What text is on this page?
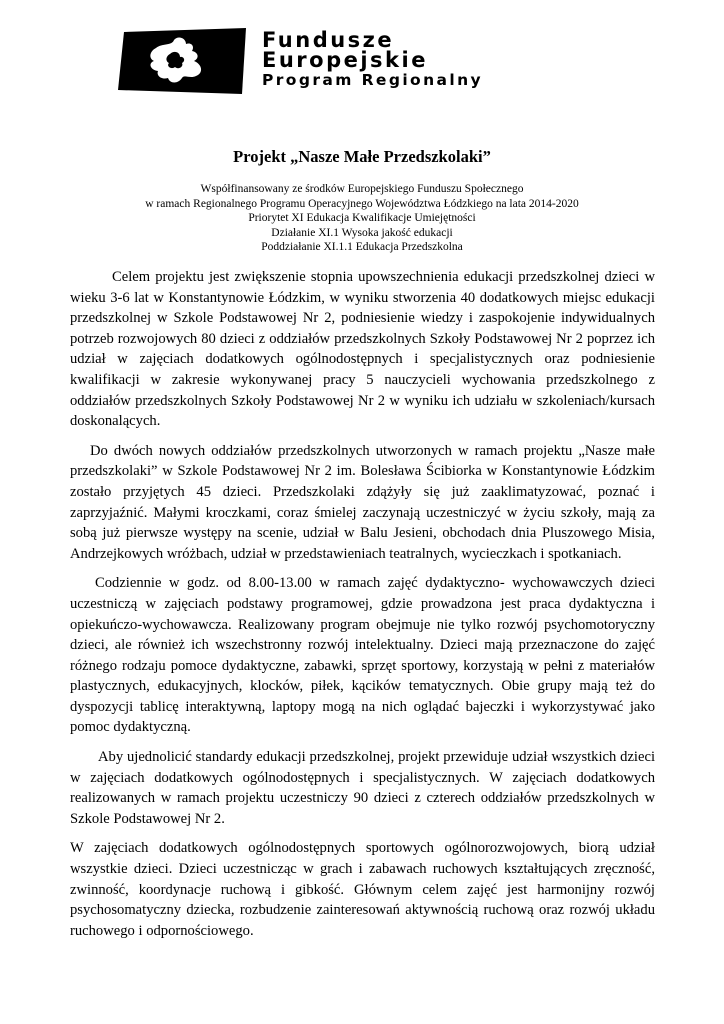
Fundusze
Europejskie
Program Regionalny
Projekt „Nasze Małe Przedszkolaki”
Współfinansowany ze środków Europejskiego Funduszu Społecznego
w ramach Regionalnego Programu Operacyjnego Województwa Łódzkiego na lata 2014-2020
Priorytet XI Edukacja Kwalifikacje Umiejętności
Działanie XI.1 Wysoka jakość edukacji
Poddziałanie XI.1.1 Edukacja Przedszkolna

Celem projektu jest zwiększenie stopnia upowszechnienia edukacji przedszkolnej dzieci w wieku 3-6 lat w Konstantynowie Łódzkim, w wyniku stworzenia 40 dodatkowych miejsc edukacji przedszkolnej w Szkole Podstawowej Nr 2, podniesienie wiedzy i zaspokojenie indywidualnych potrzeb rozwojowych 80 dzieci z oddziałów przedszkolnych Szkoły Podstawowej Nr 2 poprzez ich udział w zajęciach dodatkowych ogólnodostępnych i specjalistycznych oraz podniesienie kwalifikacji w zakresie wykonywanej pracy 5 nauczycieli wychowania przedszkolnego z oddziałów przedszkolnych Szkoły Podstawowej Nr 2 w wyniku ich udziału w szkoleniach/kursach doskonalących.

Do dwóch nowych oddziałów przedszkolnych utworzonych w ramach projektu „Nasze małe przedszkolaki” w Szkole Podstawowej Nr 2 im. Bolesława Ścibiorka w Konstantynowie Łódzkim zostało przyjętych 45 dzieci. Przedszkolaki zdążyły się już zaaklimatyzować, poznać i zaprzyjaźnić. Małymi kroczkami, coraz śmielej zaczynają uczestniczyć w życiu szkoły, mają za sobą już pierwsze występy na scenie, udział w Balu Jesieni, obchodach dnia Pluszowego Misia, Andrzejkowych wróżbach, udział w przedstawieniach teatralnych, wycieczkach i spotkaniach.

Codziennie w godz. od 8.00-13.00 w ramach zajęć dydaktyczno- wychowawczych dzieci uczestniczą w zajęciach podstawy programowej, gdzie prowadzona jest praca dydaktyczna i opiekuńczo-wychowawcza. Realizowany program obejmuje nie tylko rozwój psychomotoryczny dzieci, ale również ich wszechstronny rozwój intelektualny. Dzieci mają przeznaczone do zajęć różnego rodzaju pomoce dydaktyczne, zabawki, sprzęt sportowy, korzystają w pełni z materiałów plastycznych, edukacyjnych, klocków, piłek, kącików tematycznych. Obie grupy mają też do dyspozycji tablicę interaktywną, laptopy mogą na nich oglądać bajeczki i wykorzystywać jako pomoc dydaktyczną.

Aby ujednolicić standardy edukacji przedszkolnej, projekt przewiduje udział wszystkich dzieci w zajęciach dodatkowych ogólnodostępnych i specjalistycznych. W zajęciach dodatkowych realizowanych w ramach projektu uczestniczy 90 dzieci z czterech oddziałów przedszkolnych w Szkole Podstawowej Nr 2.

W zajęciach dodatkowych ogólnodostępnych sportowych ogólnorozwojowych, biorą udział wszystkie dzieci. Dzieci uczestnicząc w grach i zabawach ruchowych kształtujących zręczność, zwinność, koordynacje ruchową i gibkość. Głównym celem zajęć jest harmonijny rozwój psychosomatyczny dziecka, rozbudzenie zainteresowań aktywnością ruchową oraz rozwój układu ruchowego i odpornościowego.
